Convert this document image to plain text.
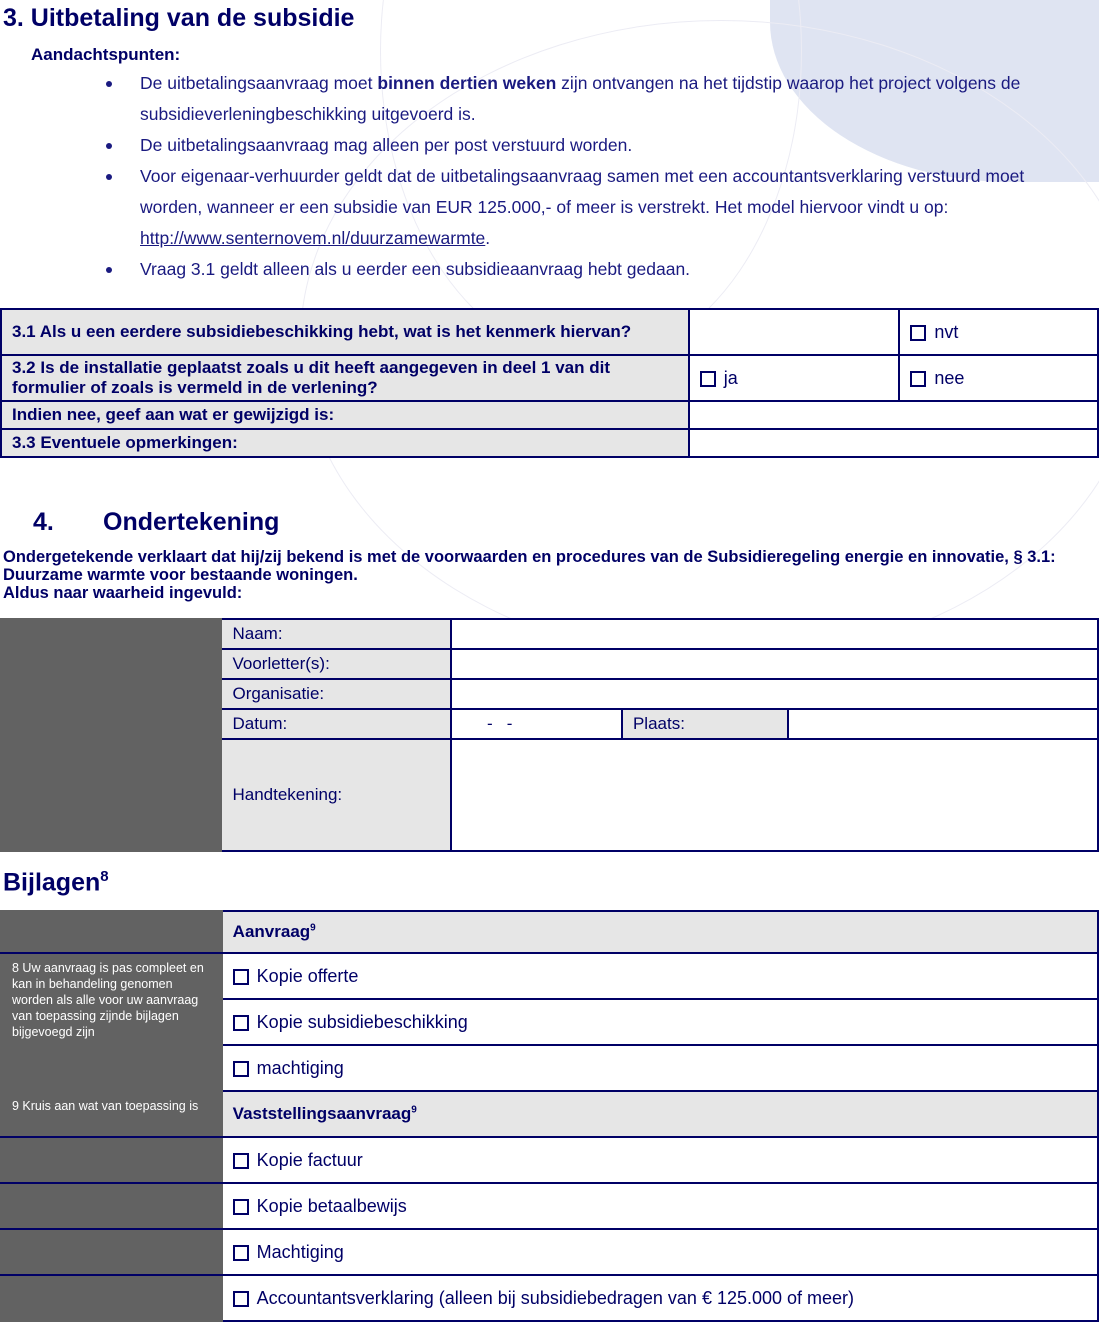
3. Uitbetaling van de subsidie
Aandachtspunten:
De uitbetalingsaanvraag moet binnen dertien weken zijn ontvangen na het tijdstip waarop het project volgens de subsidieverleningbeschikking uitgevoerd is.
De uitbetalingsaanvraag mag alleen per post verstuurd worden.
Voor eigenaar-verhuurder geldt dat de uitbetalingsaanvraag samen met een accountantsverklaring verstuurd moet worden, wanneer er een subsidie van EUR 125.000,- of meer is verstrekt. Het model hiervoor vindt u op: http://www.senternovem.nl/duurzamewarmte.
Vraag 3.1 geldt alleen als u eerder een subsidieaanvraag hebt gedaan.
3.1 Als u een eerdere subsidiebeschikking hebt, wat is het kenmerk hiervan?		nvt
3.2 Is de installatie geplaatst zoals u dit heeft aangegeven in deel 1 van dit formulier of zoals is vermeld in de verlening?	ja	nee
Indien nee, geef aan wat er gewijzigd is:		
3.3 Eventuele opmerkingen:		
4. Ondertekening
Ondergetekende verklaart dat hij/zij bekend is met de voorwaarden en procedures van de Subsidieregeling energie en innovatie, § 3.1: Duurzame warmte voor bestaande woningen.
Aldus naar waarheid ingevuld:
	Naam:			
	Voorletter(s):			
	Organisatie:			
	Datum:	-   -	Plaats:	
	Handtekening:			
Bijlagen$^8$
	Aanvraag$^9$
8 Uw aanvraag is pas compleet en kan in behandeling genomen worden als alle voor uw aanvraag van toepassing zijnde bijlagen bijgevoegd zijn	Kopie offerte
	Kopie subsidiebeschikking
	machtiging
9 Kruis aan wat van toepassing is	Vaststellingsaanvraag$^9$
	Kopie factuur
	Kopie betaalbewijs
	Machtiging
	Accountantsverklaring (alleen bij subsidiebedragen van € 125.000 of meer)
